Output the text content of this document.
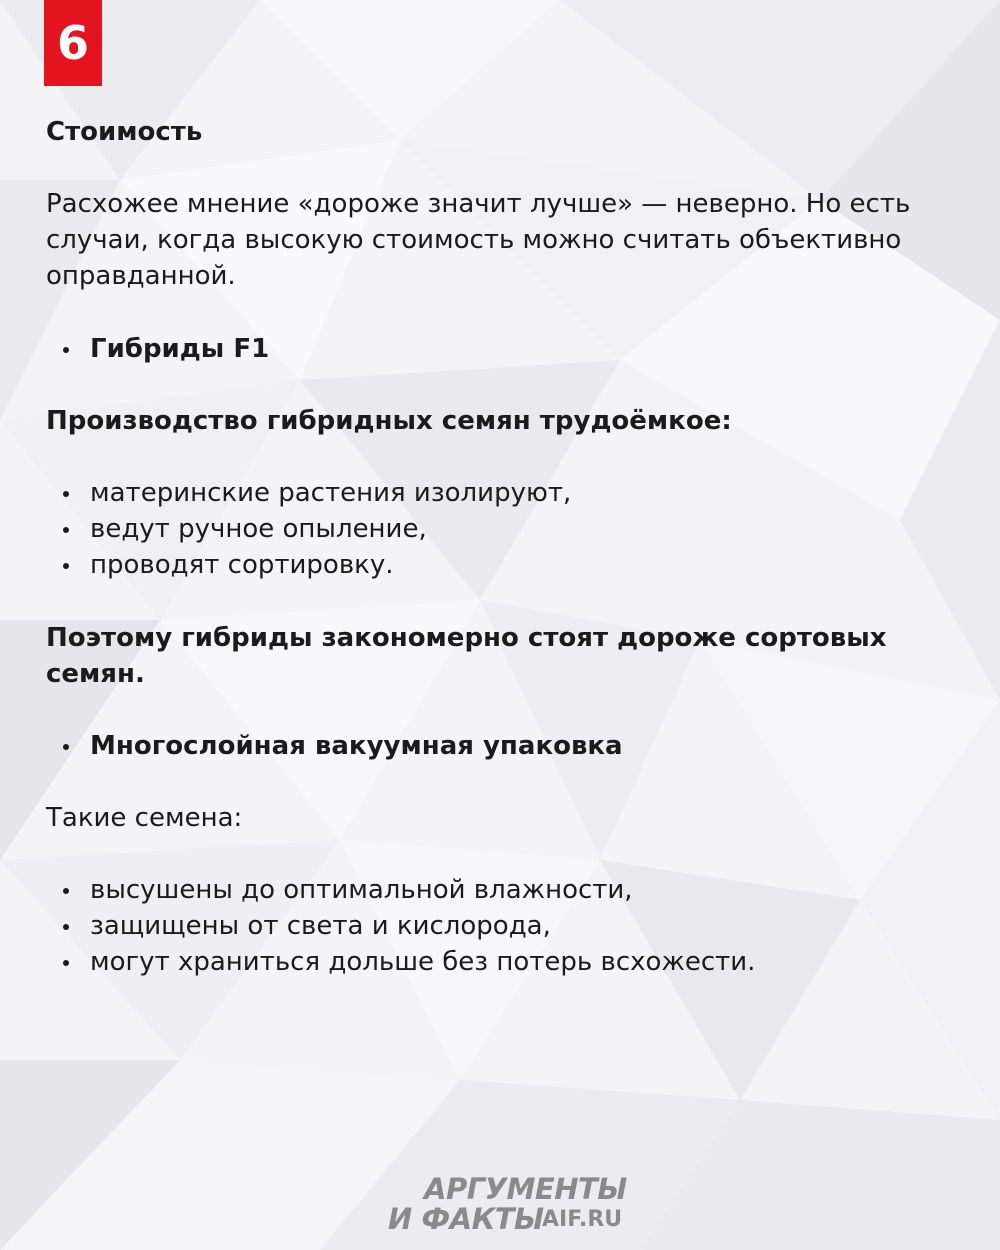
6
Стоимость
Расхожее мнение «дороже значит лучше» — неверно. Но есть случаи, когда высокую стоимость можно считать объективно оправданной.
Гибриды F1
Производство гибридных семян трудоёмкое:
материнские растения изолируют,
ведут ручное опыление,
проводят сортировку.
Поэтому гибриды закономерно стоят дороже сортовых семян.
Многослойная вакуумная упаковка
Такие семена:
высушены до оптимальной влажности,
защищены от света и кислорода,
могут храниться дольше без потерь всхожести.
АРГУМЕНТЫ
И ФАКТЫ
AIF.RU
